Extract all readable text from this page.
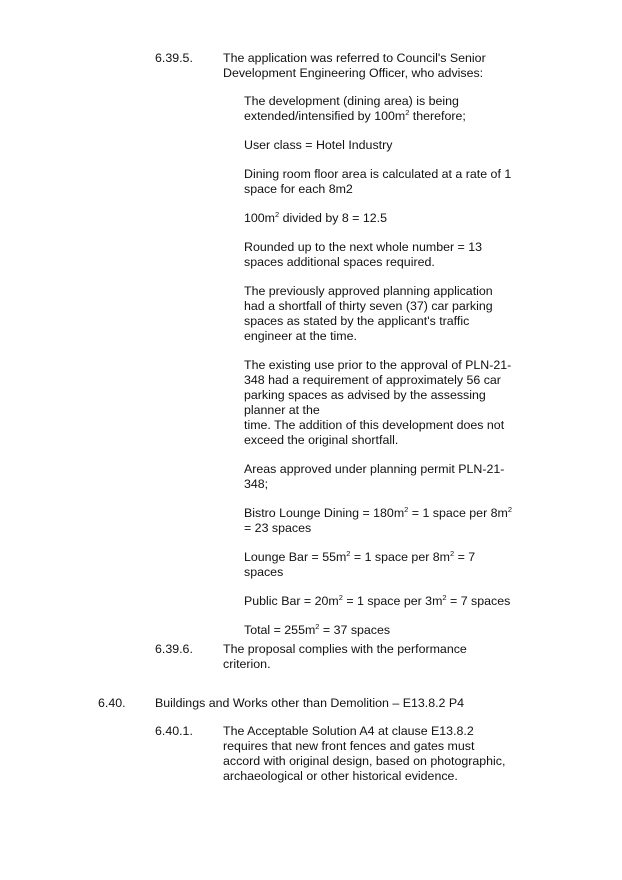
6.39.5. The application was referred to Council's Senior

Development Engineering Officer, who advises:

The development (dining area) is being
extended/intensified by $100m^2$ therefore;

User class = Hotel Industry

Dining room floor area is calculated at a rate of 1
space for each 8m2

$100m^2$ divided by 8 = 12.5

Rounded up to the next whole number = 13
spaces additional spaces required.

The previously approved planning application
had a shortfall of thirty seven (37) car parking
spaces as stated by the applicant's traffic
engineer at the time.

The existing use prior to the approval of PLN-21-
348 had a requirement of approximately 56 car
parking spaces as advised by the assessing
planner at the
time. The addition of this development does not
exceed the original shortfall.

Areas approved under planning permit PLN-21-
348;

Bistro Lounge Dining = $180m^2 = 1$ space per $8m^2$
= 23 spaces

Lounge Bar = $55m^2 = 1$ space per $8m^2 = 7$
spaces

Public Bar = $20m^2 = 1$ space per $3m^2 = 7$ spaces

Total = $255m^2 = 37$ spaces

6.39.6. The proposal complies with the performance

criterion.

6.40. Buildings and Works other than Demolition – E13.8.2 P4
6.40.1. The Acceptable Solution A4 at clause E13.8.2

requires that new front fences and gates must

accord with original design, based on photographic,

archaeological or other historical evidence.
